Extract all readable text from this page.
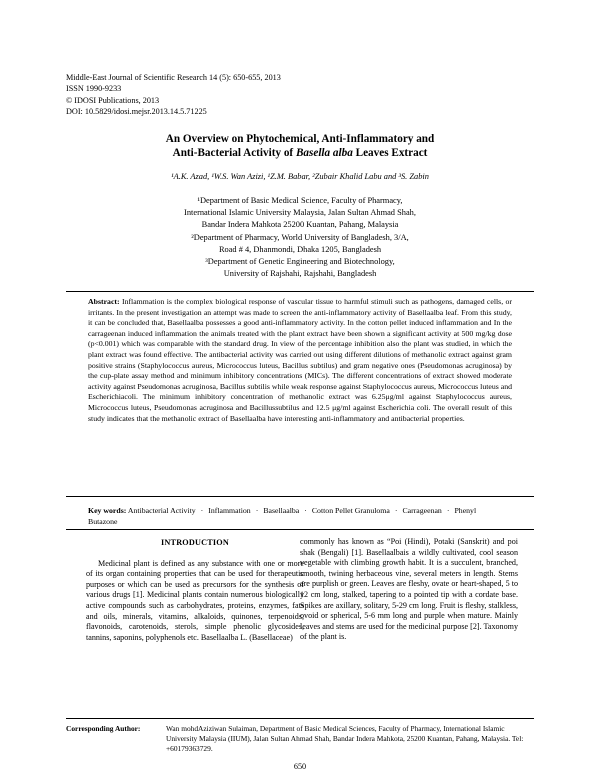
Middle-East Journal of Scientific Research 14 (5): 650-655, 2013
ISSN 1990-9233
© IDOSI Publications, 2013
DOI: 10.5829/idosi.mejsr.2013.14.5.71225
An Overview on Phytochemical, Anti-Inflammatory and
Anti-Bacterial Activity of Basella alba Leaves Extract
¹A.K. Azad, ¹W.S. Wan Azizi, ¹Z.M. Babar, ²Zubair Khalid Labu and ³S. Zabin
¹Department of Basic Medical Science, Faculty of Pharmacy,
International Islamic University Malaysia, Jalan Sultan Ahmad Shah,
Bandar Indera Mahkota 25200 Kuantan, Pahang, Malaysia
²Department of Pharmacy, World University of Bangladesh, 3/A,
Road # 4, Dhanmondi, Dhaka 1205, Bangladesh
³Department of Genetic Engineering and Biotechnology,
University of Rajshahi, Rajshahi, Bangladesh
Abstract: Inflammation is the complex biological response of vascular tissue to harmful stimuli such as pathogens, damaged cells, or irritants. In the present investigation an attempt was made to screen the anti-inflammatory activity of Basellaalba leaf. From this study, it can be concluded that, Basellaalba possesses a good anti-inflammatory activity. In the cotton pellet induced inflammation and In the carrageenan induced inflammation the animals treated with the plant extract have been shown a significant activity at 500 mg/kg dose (p<0.001) which was comparable with the standard drug. In view of the percentage inhibition also the plant was studied, in which the plant extract was found effective. The antibacterial activity was carried out using different dilutions of methanolic extract against gram positive strains (Staphylococcus aureus, Micrococcus luteus, Bacillus subtilus) and gram negative ones (Pseudomonas acruginosa) by the cup-plate assay method and minimum inhibitory concentrations (MICs). The different concentrations of extract showed moderate activity against Pseudomonas acruginosa, Bacillus subtilis while weak response against Staphylococcus aureus, Micrococcus luteus and Escherichiacoli. The minimum inhibitory concentration of methanolic extract was 6.25μg/ml against Staphylococcus aureus, Micrococcus luteus, Pseudomonas acruginosa and Bacillussubtilus and 12.5 μg/ml against Escherichia coli. The overall result of this study indicates that the methanolic extract of Basellaalba have interesting anti-inflammatory and antibacterial properties.
Key words: Antibacterial Activity · Inflammation · Basellaalba · Cotton Pellet Granuloma · Carrageenan · Phenyl Butazone
INTRODUCTION

Medicinal plant is defined as any substance with one or more of its organ containing properties that can be used for therapeutic purposes or which can be used as precursors for the synthesis of various drugs [1]. Medicinal plants contain numerous biologically active compounds such as carbohydrates, proteins, enzymes, fats and oils, minerals, vitamins, alkaloids, quinones, terpenoids, flavonoids, carotenoids, sterols, simple phenolic glycosides, tannins, saponins, polyphenols etc. Basellaalba L. (Basellaceae)

commonly has known as “Poi (Hindi), Potaki (Sanskrit) and poi shak (Bengali) [1]. Basellaalbais a wildly cultivated, cool season vegetable with climbing growth habit. It is a succulent, branched, smooth, twining herbaceous vine, several meters in length. Stems are purplish or green. Leaves are fleshy, ovate or heart-shaped, 5 to 12 cm long, stalked, tapering to a pointed tip with a cordate base. Spikes are axillary, solitary, 5-29 cm long. Fruit is fleshy, stalkless, ovoid or spherical, 5-6 mm long and purple when mature. Mainly leaves and stems are used for the medicinal purpose [2]. Taxonomy of the plant is.

Corresponding Author:	Wan mohdAziziwan Sulaiman, Department of Basic Medical Sciences, Faculty of Pharmacy, International Islamic University Malaysia (IIUM), Jalan Sultan Ahmad Shah, Bandar Indera Mahkota, 25200 Kuantan, Pahang, Malaysia. Tel: +60179363729.
650
